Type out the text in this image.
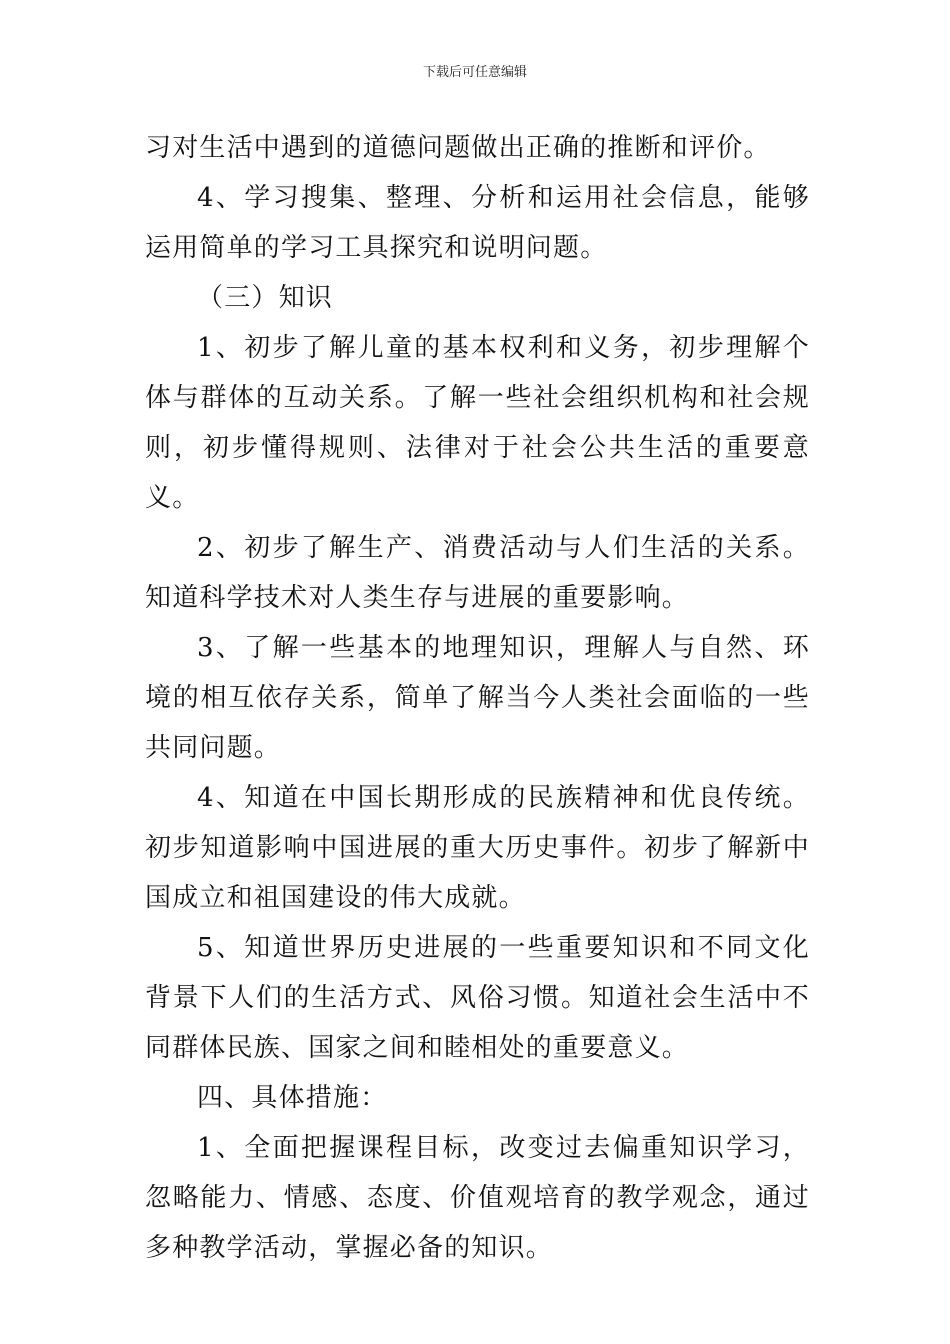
下载后可任意编辑

习对生活中遇到的道德问题做出正确的推断和评价。

4、学习搜集、整理、分析和运用社会信息，能够运用简单的学习工具探究和说明问题。

（三）知识

1、初步了解儿童的基本权利和义务，初步理解个体与群体的互动关系。了解一些社会组织机构和社会规则，初步懂得规则、法律对于社会公共生活的重要意义。

2、初步了解生产、消费活动与人们生活的关系。知道科学技术对人类生存与进展的重要影响。

3、了解一些基本的地理知识，理解人与自然、环境的相互依存关系，简单了解当今人类社会面临的一些共同问题。

4、知道在中国长期形成的民族精神和优良传统。初步知道影响中国进展的重大历史事件。初步了解新中国成立和祖国建设的伟大成就。

5、知道世界历史进展的一些重要知识和不同文化背景下人们的生活方式、风俗习惯。知道社会生活中不同群体民族、国家之间和睦相处的重要意义。

四、具体措施：

1、全面把握课程目标，改变过去偏重知识学习，忽略能力、情感、态度、价值观培育的教学观念，通过多种教学活动，掌握必备的知识。
